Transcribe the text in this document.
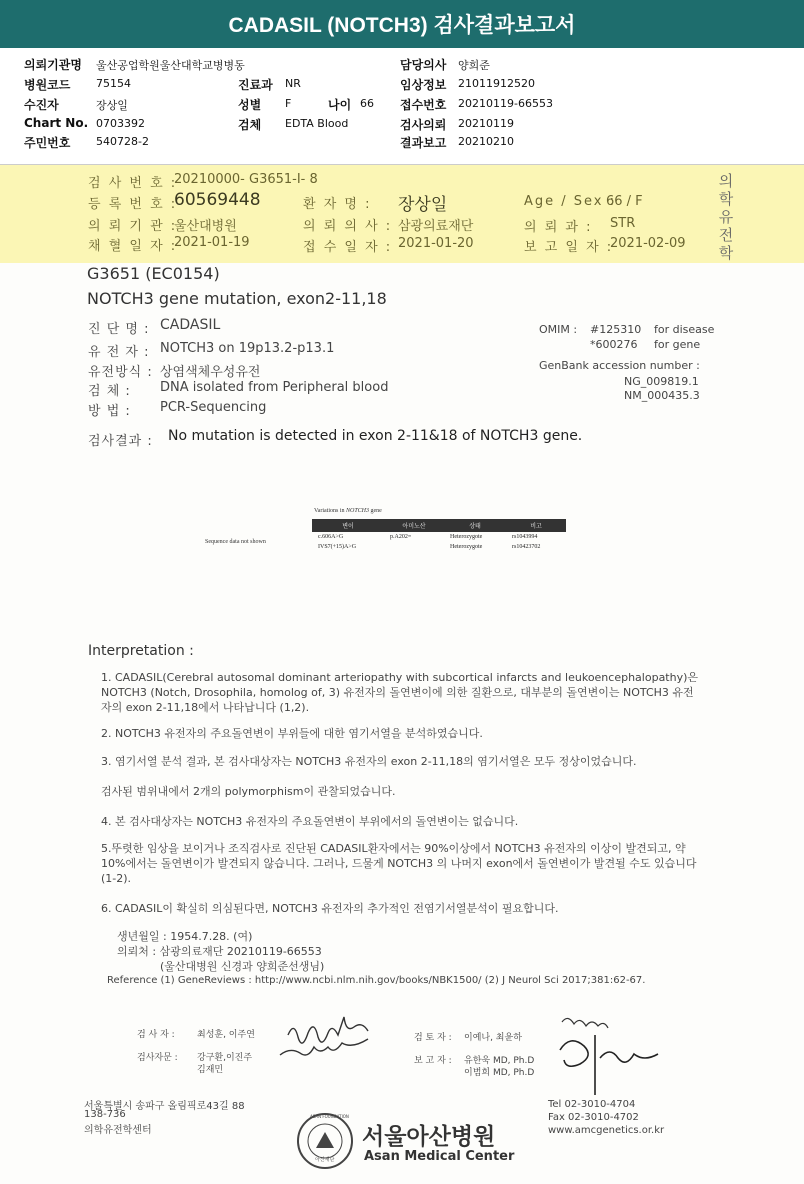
CADASIL (NOTCH3) 검사결과보고서
의뢰기관명 울산공업학원울산대학교병병동	담당의사 양희준
병원코드 75154	진료과 NR	임상정보 21011912520
수진자	장상일	성별 F	나이 66 접수번호 20210119-66553
Chart No. 0703392	검체 EDTA Blood	검사의뢰 20210119
주민번호 540728-2	결과보고 20210210
검 사 번 호 :
20210000- G3651-I- 8
등 록 번 호 :
60569448	환 자 명 : 장상일	Age / Sex :
66 / F
의 뢰 기 관 :
울산대병원	의 뢰 의 사 : 삼광의료재단	의 뢰 과 : STR
채 혈 일 자 :
2021-01-19	접 수 일 자 : 2021-01-20	보 고 일 자 :
2021-02-09
의
학
유
전
학
G3651 (EC0154)
NOTCH3 gene mutation, exon2-11,18
진 단 명 : CADASIL
유 전 자 : NOTCH3 on 19p13.2-p13.1
유전방식 : 상염색체우성유전
검 체 : DNA isolated from Peripheral blood
방 법 : PCR-Sequencing
OMIM : #125310 for disease
*600276 for gene
GenBank accession number :
NG_009819.1
NM_000435.3
검사결과 : No mutation is detected in exon 2-11&18 of NOTCH3 gene.
Variations in NOTCH3 gene
Sequence data not shown
변이	아미노산	상태	비고
c.606A>G	p.A202=	Heterozygote	rs1043994
IVS7(+15)A>G		Heterozygote	rs10423702
Interpretation :
1. CADASIL(Cerebral autosomal dominant arteriopathy with subcortical infarcts and leukoencephalopathy)은 NOTCH3 (Notch, Drosophila, homolog of, 3) 유전자의 돌연변이에 의한 질환으로, 대부분의 돌연변이는 NOTCH3 유전자의 exon 2-11,18에서 나타납니다 (1,2).
2. NOTCH3 유전자의 주요돌연변이 부위들에 대한 염기서열을 분석하였습니다.
3. 염기서열 분석 결과, 본 검사대상자는 NOTCH3 유전자의 exon 2-11,18의 염기서열은 모두 정상이었습니다.
검사된 범위내에서 2개의 polymorphism이 관찰되었습니다.
4. 본 검사대상자는 NOTCH3 유전자의 주요돌연변이 부위에서의 돌연변이는 없습니다.
5.뚜렷한 임상을 보이거나 조직검사로 진단된 CADASIL환자에서는 90%이상에서 NOTCH3 유전자의 이상이 발견되고, 약 10%에서는 돌연변이가 발견되지 않습니다. 그러나, 드물게 NOTCH3 의 나머지 exon에서 돌연변이가 발견될 수도 있습니다 (1-2).
6. CADASIL이 확실히 의심된다면, NOTCH3 유전자의 추가적인 전염기서열분석이 필요합니다.
생년월일 : 1954.7.28. (여)
의뢰처 : 삼광의료재단 20210119-66553
(울산대병원 신경과 양희준선생님)
Reference (1) GeneReviews : http://www.ncbi.nlm.nih.gov/books/NBK1500/ (2) J Neurol Sci 2017;381:62-67.
검 사 자 : 최성훈, 이주연
검사자문 : 강구환,이진주
김재민
검 토 자 : 이예나, 최윤하
보 고 자 : 유한욱 MD, Ph.D
이범희 MD, Ph.D
서울특별시 송파구 올림픽로43길 88
138-736
의학유전학센터
ASAN FOUNDATION
아산재단
서울아산병원
Asan Medical Center
Tel 02-3010-4704
Fax 02-3010-4702
www.amcgenetics.or.kr
